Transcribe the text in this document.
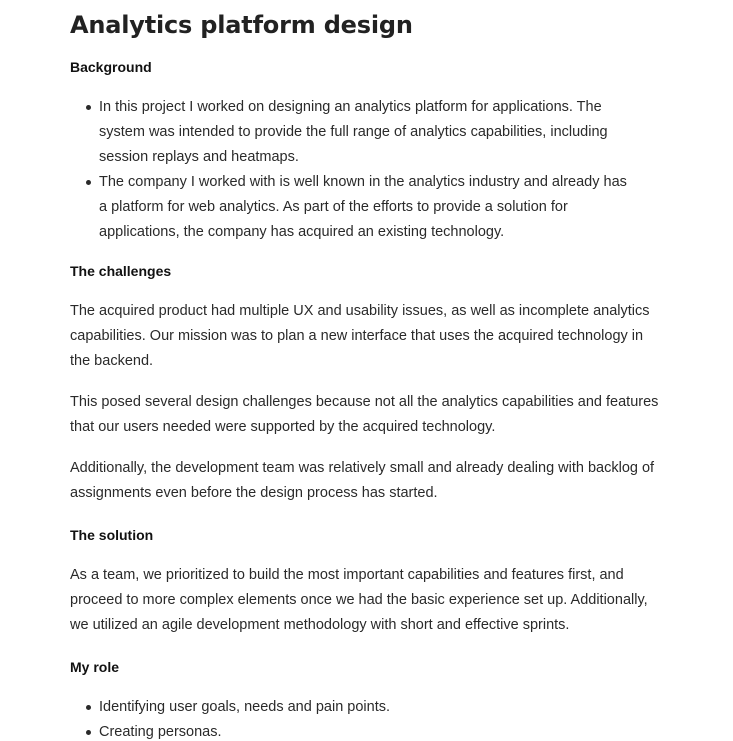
Analytics platform design
Background
In this project I worked on designing an analytics platform for applications. The system was intended to provide the full range of analytics capabilities, including session replays and heatmaps.
The company I worked with is well known in the analytics industry and already has a platform for web analytics. As part of the efforts to provide a solution for applications, the company has acquired an existing technology.
The challenges

The acquired product had multiple UX and usability issues, as well as incomplete analytics capabilities. Our mission was to plan a new interface that uses the acquired technology in the backend.

This posed several design challenges because not all the analytics capabilities and features that our users needed were supported by the acquired technology.

Additionally, the development team was relatively small and already dealing with backlog of assignments even before the design process has started.

The solution

As a team, we prioritized to build the most important capabilities and features first, and proceed to more complex elements once we had the basic experience set up. Additionally, we utilized an agile development methodology with short and effective sprints.

My role
Identifying user goals, needs and pain points.
Creating personas.
